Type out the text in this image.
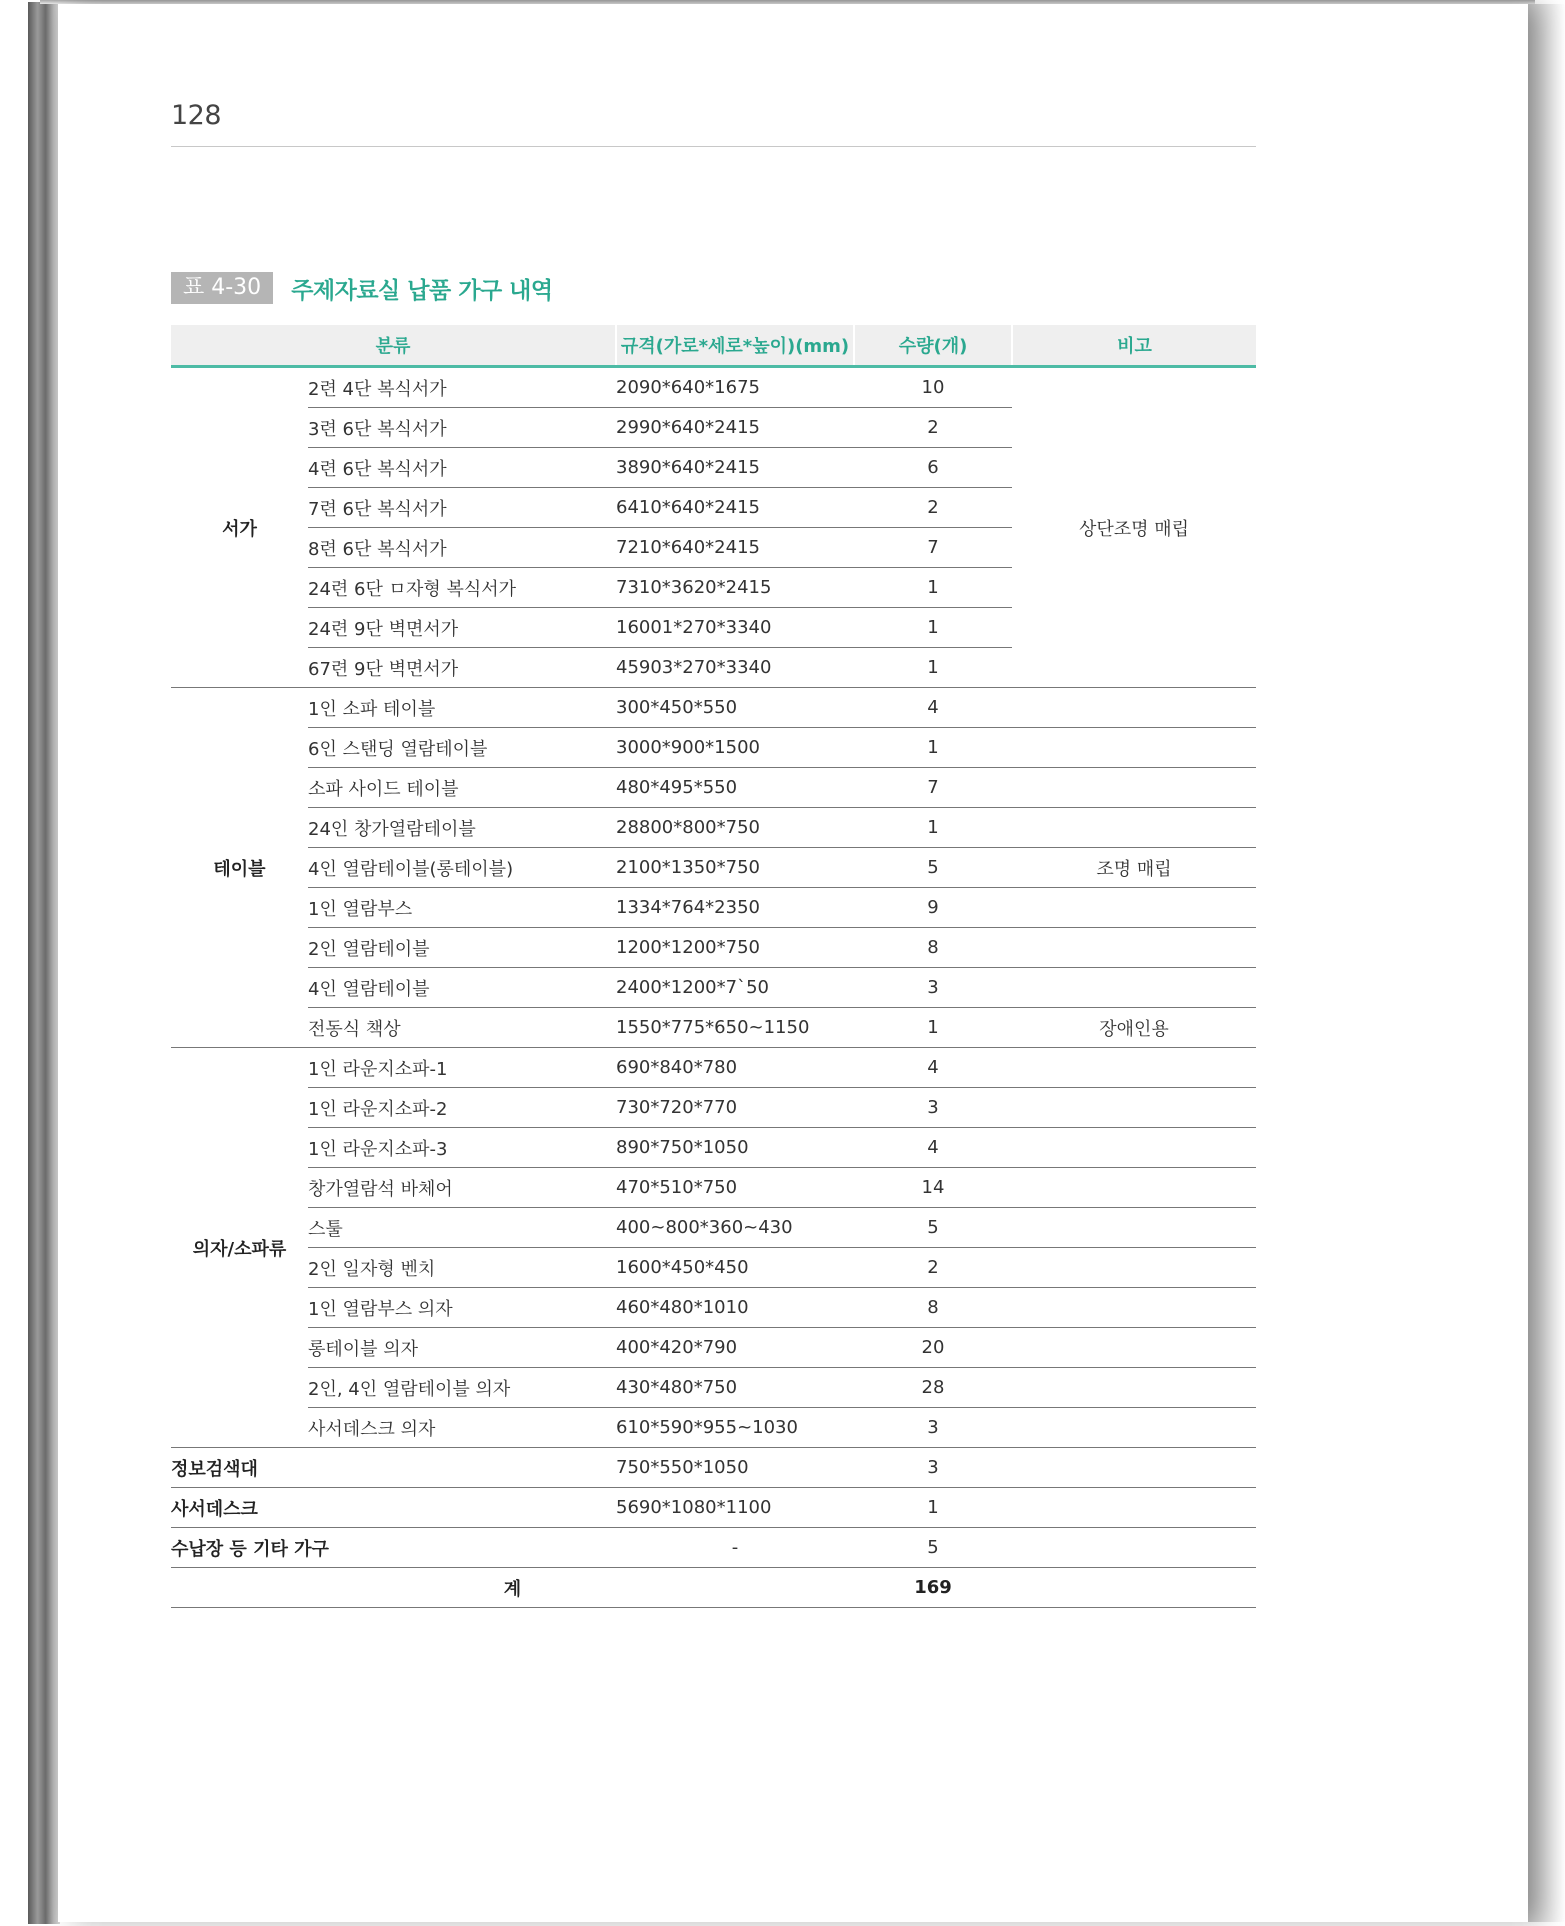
128
표 4-30	주제자료실 납품 가구 내역
분류		규격(가로*세로*높이)(mm)	수량(개)	비고
서가	2련 4단 복식서가	2090*640*1675	10	상단조명 매립
	3련 6단 복식서가	2990*640*2415	2	
	4련 6단 복식서가	3890*640*2415	6	
	7련 6단 복식서가	6410*640*2415	2	
	8련 6단 복식서가	7210*640*2415	7	
	24련 6단 ㅁ자형 복식서가	7310*3620*2415	1	
	24련 9단 벽면서가	16001*270*3340	1	
	67련 9단 벽면서가	45903*270*3340	1	
테이블	1인 소파 테이블	300*450*550	4	
	6인 스탠딩 열람테이블	3000*900*1500	1	
	소파 사이드 테이블	480*495*550	7	
	24인 창가열람테이블	28800*800*750	1	
	4인 열람테이블(롱테이블)	2100*1350*750	5	조명 매립
	1인 열람부스	1334*764*2350	9	
	2인 열람테이블	1200*1200*750	8	
	4인 열람테이블	2400*1200*7`50	3	
	전동식 책상	1550*775*650~1150	1	장애인용
의자/소파류	1인 라운지소파-1	690*840*780	4	
	1인 라운지소파-2	730*720*770	3	
	1인 라운지소파-3	890*750*1050	4	
	창가열람석 바체어	470*510*750	14	
	스툴	400~800*360~430	5	
	2인 일자형 벤치	1600*450*450	2	
	1인 열람부스 의자	460*480*1010	8	
	롱테이블 의자	400*420*790	20	
	2인, 4인 열람테이블 의자	430*480*750	28	
	사서데스크 의자	610*590*955~1030	3	
정보검색대		750*550*1050	3	
사서데스크		5690*1080*1100	1	
수납장 등 기타 가구		-	5	
계			169	
